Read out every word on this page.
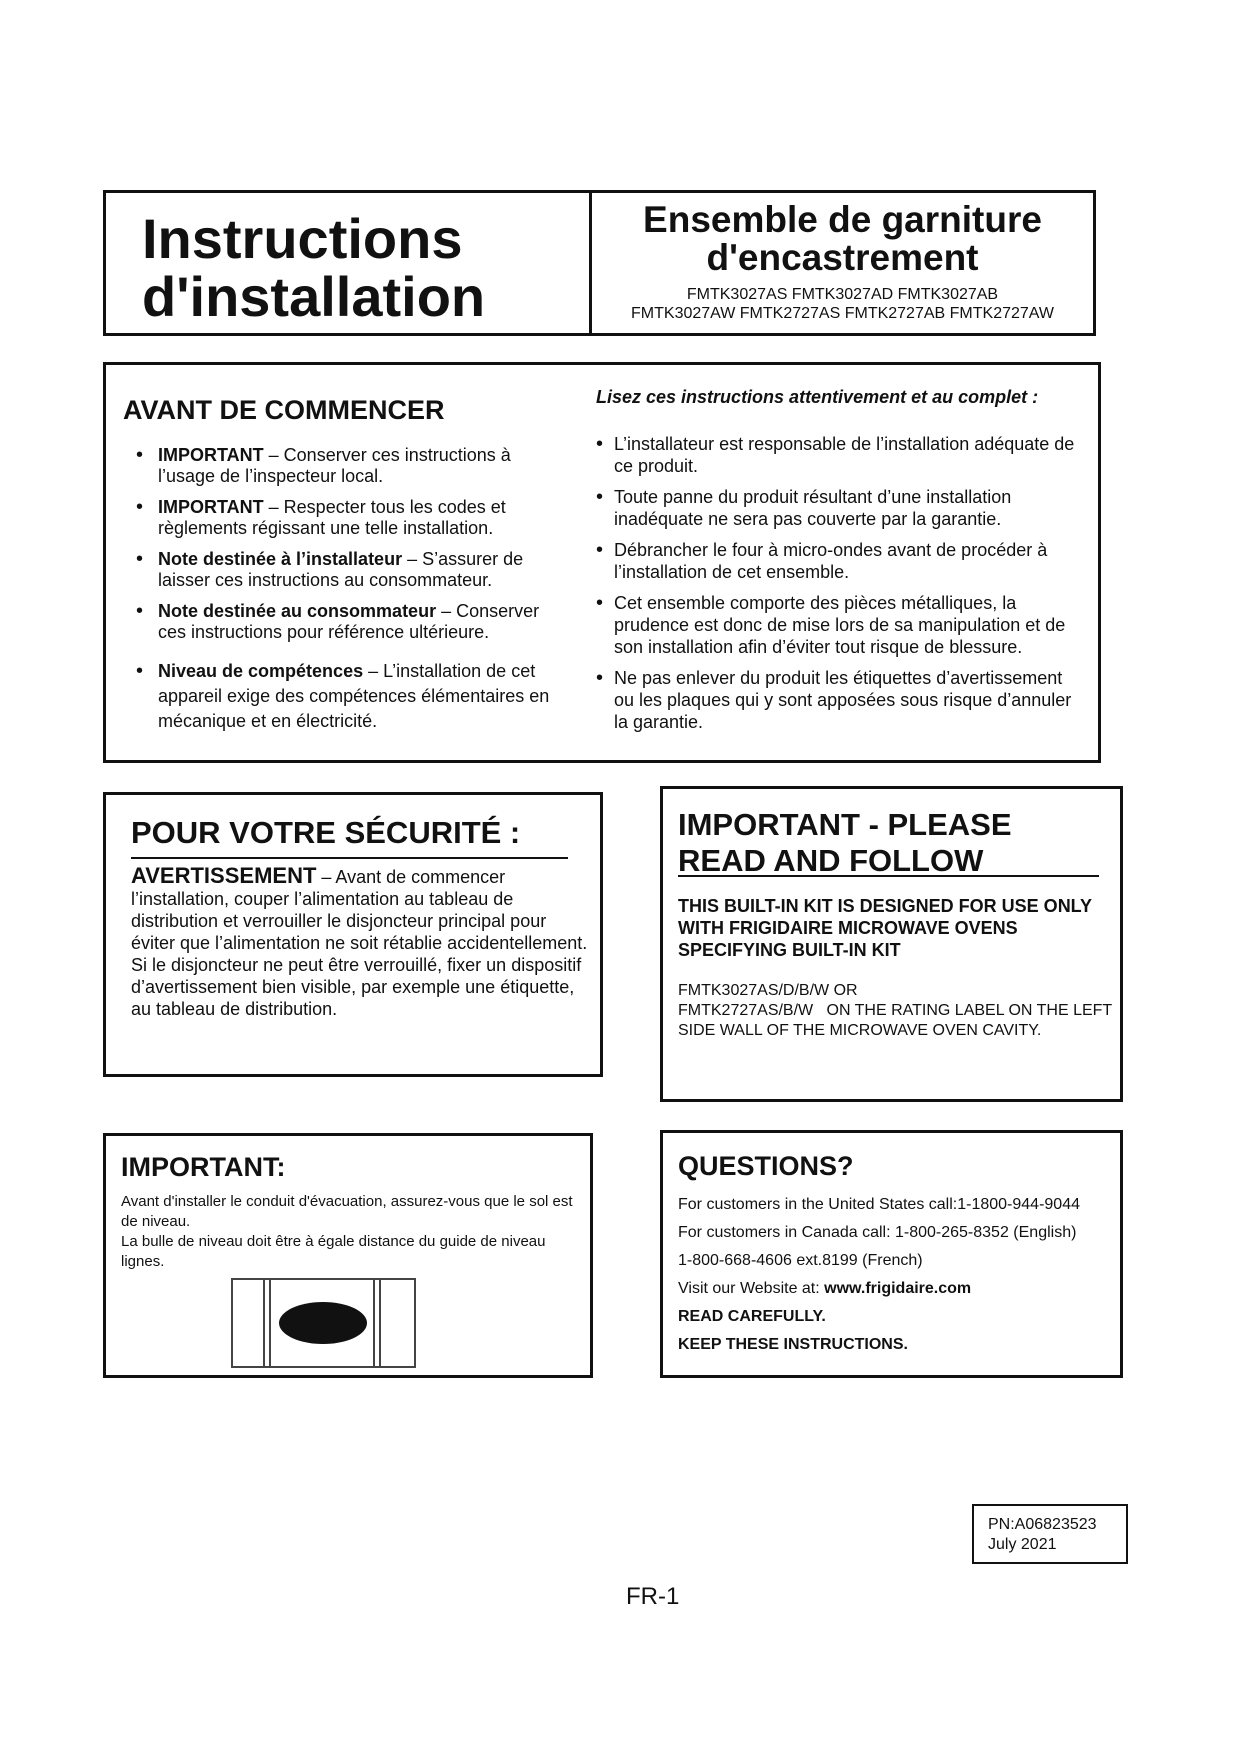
Instructions
d'installation
Ensemble de garniture
d'encastrement
FMTK3027AS FMTK3027AD FMTK3027AB
FMTK3027AW FMTK2727AS FMTK2727AB FMTK2727AW
AVANT DE COMMENCER
• IMPORTANT – Conserver ces instructions à l’usage de l’inspecteur local.
• IMPORTANT – Respecter tous les codes et règlements régissant une telle installation.
• Note destinée à l’installateur – S’assurer de laisser ces instructions au consommateur.
• Note destinée au consommateur – Conserver ces instructions pour référence ultérieure.
• Niveau de compétences – L’installation de cet appareil exige des compétences élémentaires en mécanique et en électricité.
Lisez ces instructions attentivement et au complet :
• L’installateur est responsable de l’installation adéquate de ce produit.
• Toute panne du produit résultant d’une installation inadéquate ne sera pas couverte par la garantie.
• Débrancher le four à micro-ondes avant de procéder à l’installation de cet ensemble.
• Cet ensemble comporte des pièces métalliques, la prudence est donc de mise lors de sa manipulation et de son installation afin d’éviter tout risque de blessure.
• Ne pas enlever du produit les étiquettes d’avertissement ou les plaques qui y sont apposées sous risque d’annuler la garantie.
POUR VOTRE SÉCURITÉ :
AVERTISSEMENT – Avant de commencer l’installation, couper l’alimentation au tableau de distribution et verrouiller le disjoncteur principal pour éviter que l’alimentation ne soit rétablie accidentellement. Si le disjoncteur ne peut être verrouillé, fixer un dispositif d’avertissement bien visible, par exemple une étiquette, au tableau de distribution.
IMPORTANT - PLEASE READ AND FOLLOW
THIS BUILT-IN KIT IS DESIGNED FOR USE ONLY WITH FRIGIDAIRE MICROWAVE OVENS SPECIFYING BUILT-IN KIT
FMTK3027AS/D/B/W OR
FMTK2727AS/B/W ON THE RATING LABEL ON THE LEFT SIDE WALL OF THE MICROWAVE OVEN CAVITY.
IMPORTANT:
Avant d'installer le conduit d'évacuation, assurez-vous que le sol est de niveau.
La bulle de niveau doit être à égale distance du guide de niveau lignes.
QUESTIONS?
For customers in the United States call:1-1800-944-9044
For customers in Canada call: 1-800-265-8352 (English)
1-800-668-4606 ext.8199 (French)
Visit our Website at: www.frigidaire.com
READ CAREFULLY.
KEEP THESE INSTRUCTIONS.
PN:A06823523
July 2021
FR-1
